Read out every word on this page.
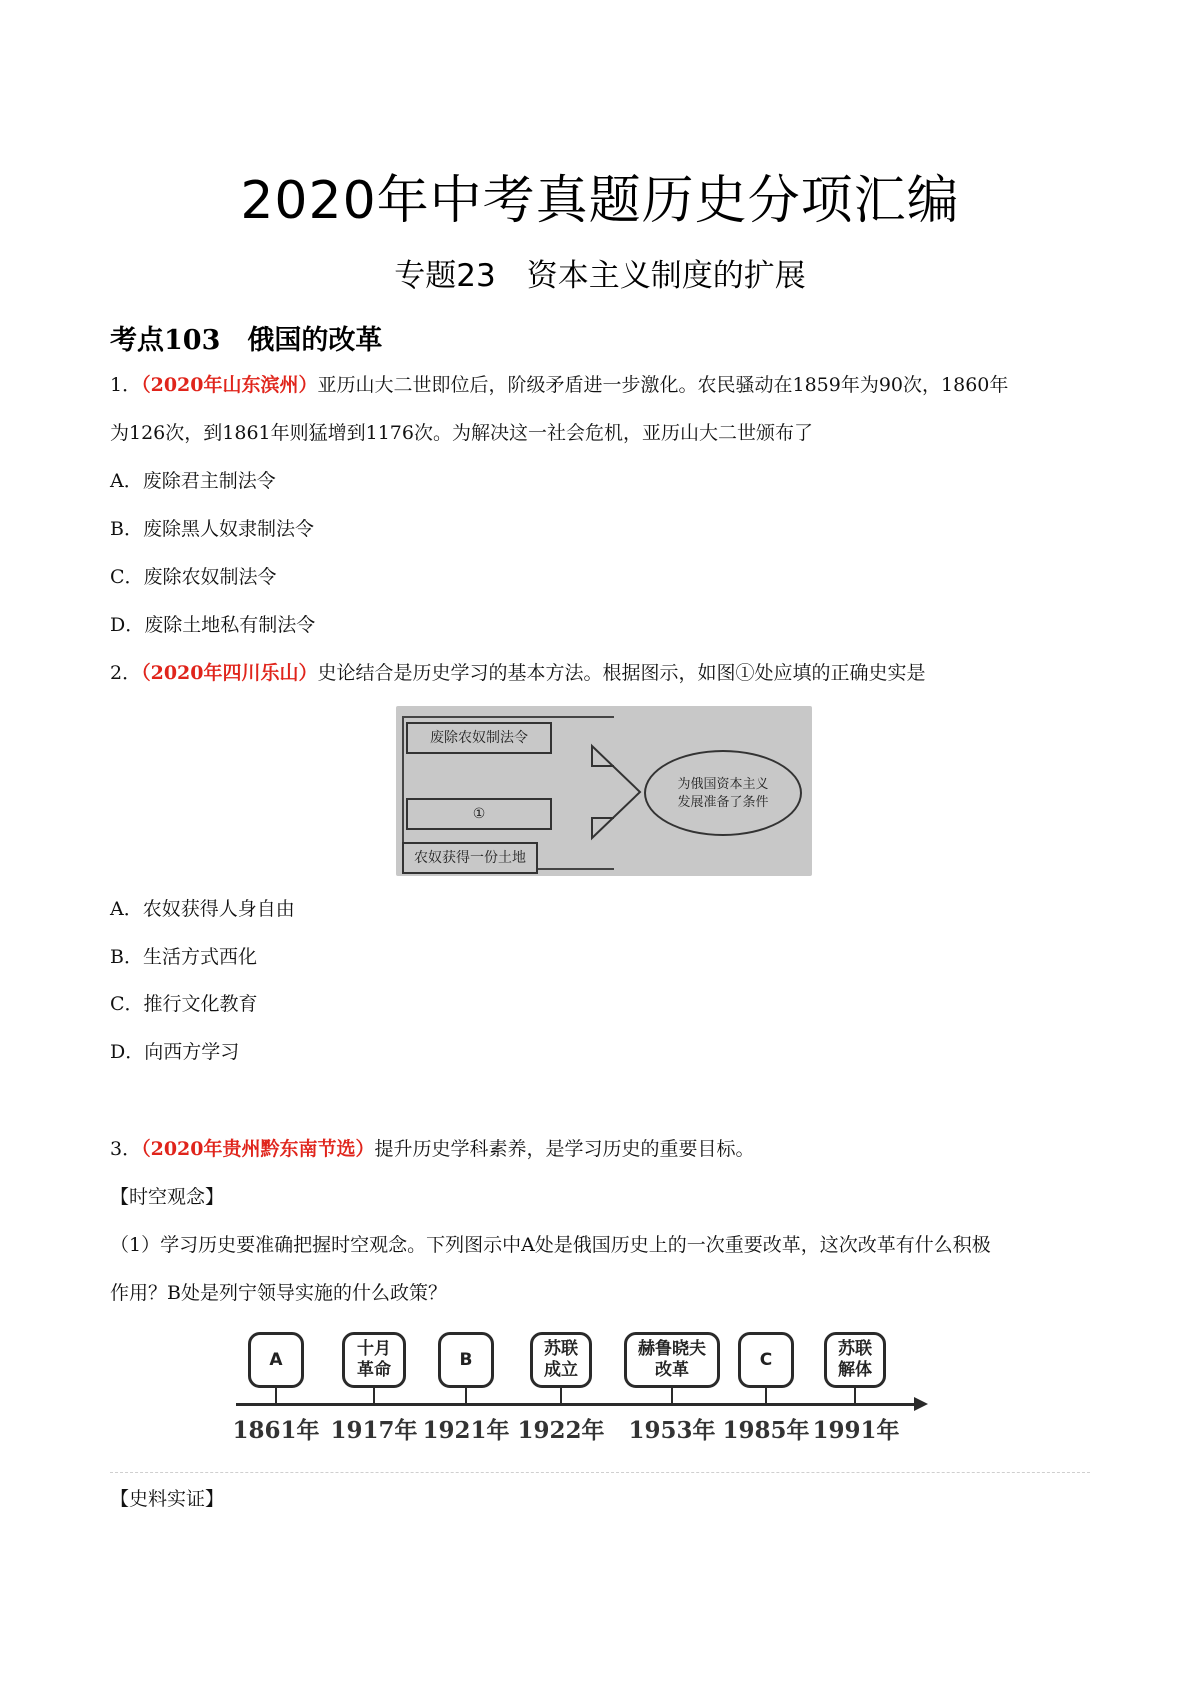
2020年中考真题历史分项汇编
专题23　资本主义制度的扩展
考点103　俄国的改革
1．（2020年山东滨州）亚历山大二世即位后，阶级矛盾进一步激化。农民骚动在1859年为90次，1860年
为126次，到1861年则猛增到1176次。为解决这一社会危机，亚历山大二世颁布了
A．废除君主制法令
B．废除黑人奴隶制法令
C．废除农奴制法令
D．废除土地私有制法令
2．（2020年四川乐山）史论结合是历史学习的基本方法。根据图示，如图①处应填的正确史实是
废除农奴制法令
①
农奴获得一份土地
为俄国资本主义
发展准备了条件
A．农奴获得人身自由
B．生活方式西化
C．推行文化教育
D．向西方学习
3．（2020年贵州黔东南节选）提升历史学科素养，是学习历史的重要目标。
【时空观念】
（1）学习历史要准确把握时空观念。下列图示中A处是俄国历史上的一次重要改革，这次改革有什么积极
作用？B处是列宁领导实施的什么政策？
A
1861年
十月
革命
1917年
B
1921年
苏联
成立
1922年
赫鲁晓夫
改革
1953年
C
1985年
苏联
解体
1991年
【史料实证】
